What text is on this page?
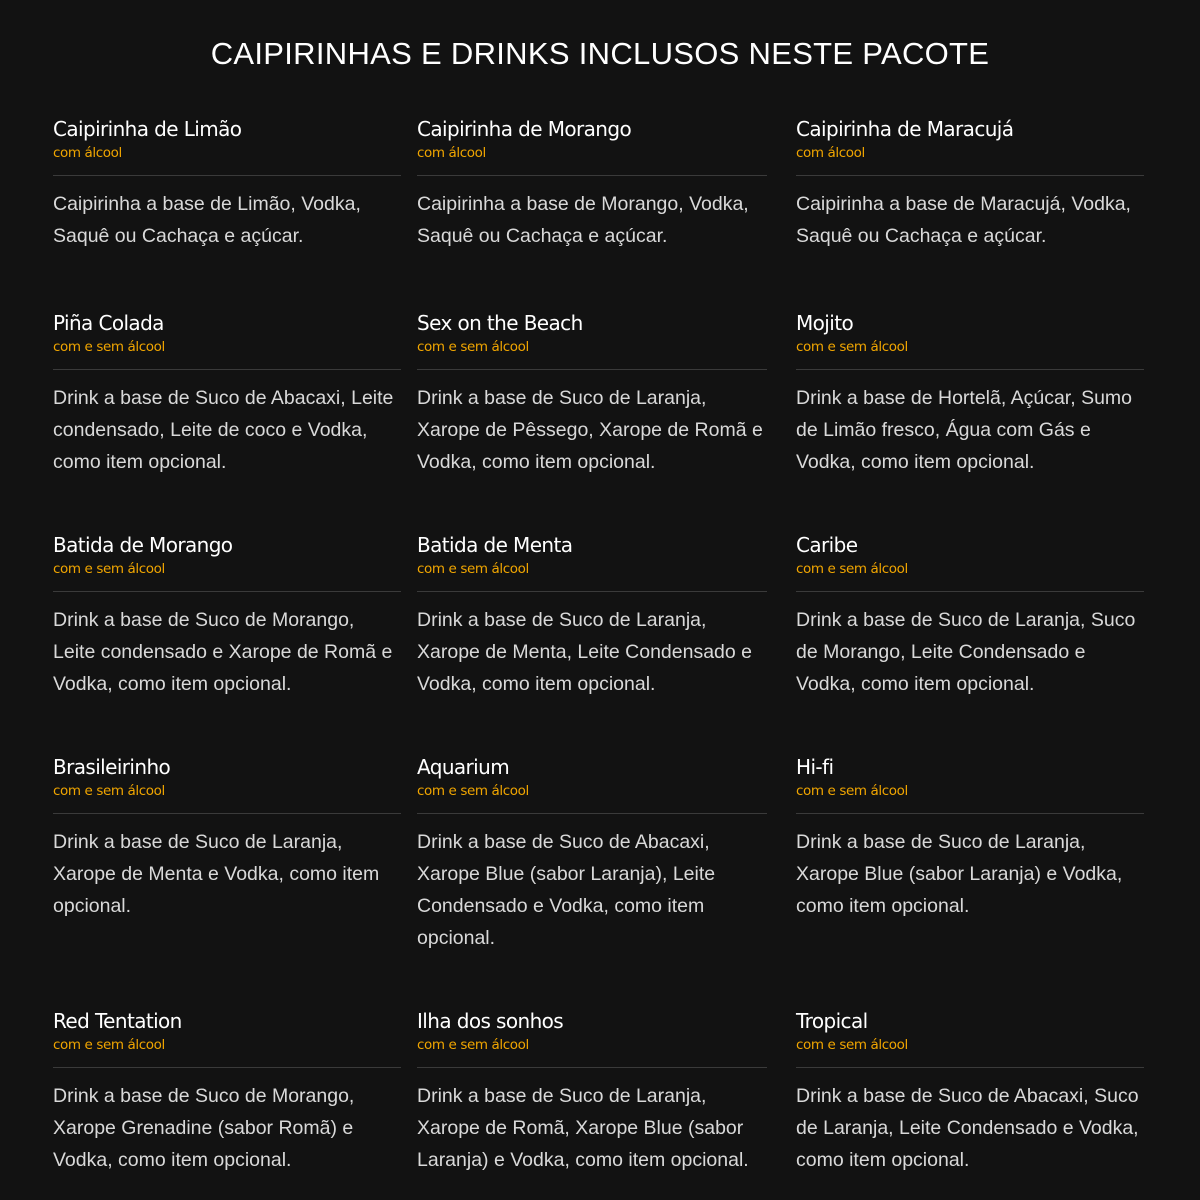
CAIPIRINHAS E DRINKS INCLUSOS NESTE PACOTE
Caipirinha de Limão
com álcool
Caipirinha a base de Limão, Vodka, Saquê ou Cachaça e açúcar.
Caipirinha de Morango
com álcool
Caipirinha a base de Morango, Vodka, Saquê ou Cachaça e açúcar.
Caipirinha de Maracujá
com álcool
Caipirinha a base de Maracujá, Vodka, Saquê ou Cachaça e açúcar.
Piña Colada
com e sem álcool
Drink a base de Suco de Abacaxi, Leite condensado, Leite de coco e Vodka, como item opcional.
Sex on the Beach
com e sem álcool
Drink a base de Suco de Laranja, Xarope de Pêssego, Xarope de Romã e Vodka, como item opcional.
Mojito
com e sem álcool
Drink a base de Hortelã, Açúcar, Sumo de Limão fresco, Água com Gás e Vodka, como item opcional.
Batida de Morango
com e sem álcool
Drink a base de Suco de Morango, Leite condensado e Xarope de Romã e Vodka, como item opcional.
Batida de Menta
com e sem álcool
Drink a base de Suco de Laranja, Xarope de Menta, Leite Condensado e Vodka, como item opcional.
Caribe
com e sem álcool
Drink a base de Suco de Laranja, Suco de Morango, Leite Condensado e Vodka, como item opcional.
Brasileirinho
com e sem álcool
Drink a base de Suco de Laranja, Xarope de Menta e Vodka, como item opcional.
Aquarium
com e sem álcool
Drink a base de Suco de Abacaxi, Xarope Blue (sabor Laranja), Leite Condensado e Vodka, como item opcional.
Hi-fi
com e sem álcool
Drink a base de Suco de Laranja, Xarope Blue (sabor Laranja) e Vodka, como item opcional.
Red Tentation
com e sem álcool
Drink a base de Suco de Morango, Xarope Grenadine (sabor Romã) e Vodka, como item opcional.
Ilha dos sonhos
com e sem álcool
Drink a base de Suco de Laranja, Xarope de Romã, Xarope Blue (sabor Laranja) e Vodka, como item opcional.
Tropical
com e sem álcool
Drink a base de Suco de Abacaxi, Suco de Laranja, Leite Condensado e Vodka, como item opcional.
